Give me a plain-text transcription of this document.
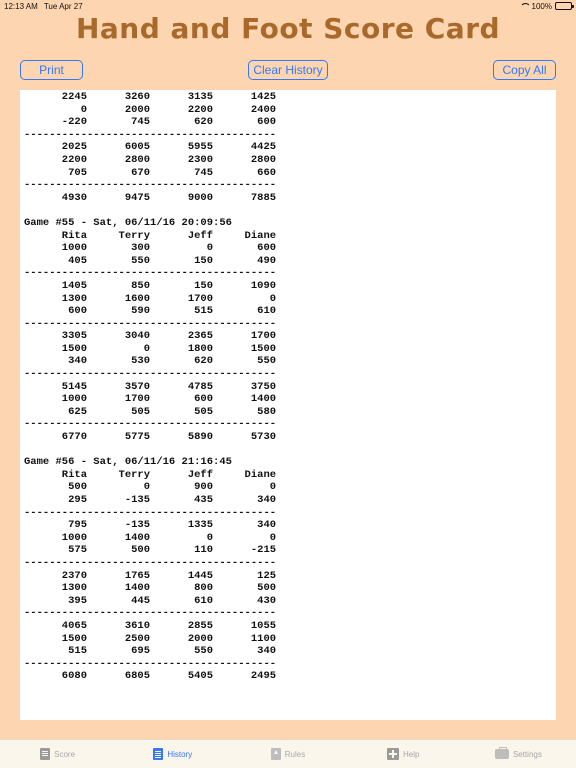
12:13 AM Tue Apr 27	100%
Hand and Foot Score Card
Print	Clear History	Copy All
2245      3260      3135      1425
0      2000      2200      2400
-220       745       620       600
----------------------------------------
2025      6005      5955      4425
2200      2800      2300      2800
705       670       745       660
----------------------------------------
4930      9475      9000      7885

Game #55 - Sat, 06/11/16 20:09:56
Rita     Terry      Jeff     Diane
1000       300         0       600
405       550       150       490
----------------------------------------
1405       850       150      1090
1300      1600      1700         0
600       590       515       610
----------------------------------------
3305      3040      2365      1700
1500         0      1800      1500
340       530       620       550
----------------------------------------
5145      3570      4785      3750
1000      1700       600      1400
625       505       505       580
----------------------------------------
6770      5775      5890      5730

Game #56 - Sat, 06/11/16 21:16:45
Rita     Terry      Jeff     Diane
500         0       900         0
295      -135       435       340
----------------------------------------
795      -135      1335       340
1000      1400         0         0
575       500       110      -215
----------------------------------------
2370      1765      1445       125
1300      1400       800       500
395       445       610       430
----------------------------------------
4065      3610      2855      1055
1500      2500      2000      1100
515       695       550       340
----------------------------------------
6080      6805      5405      2495
Score	History	Rules	Help	Settings
